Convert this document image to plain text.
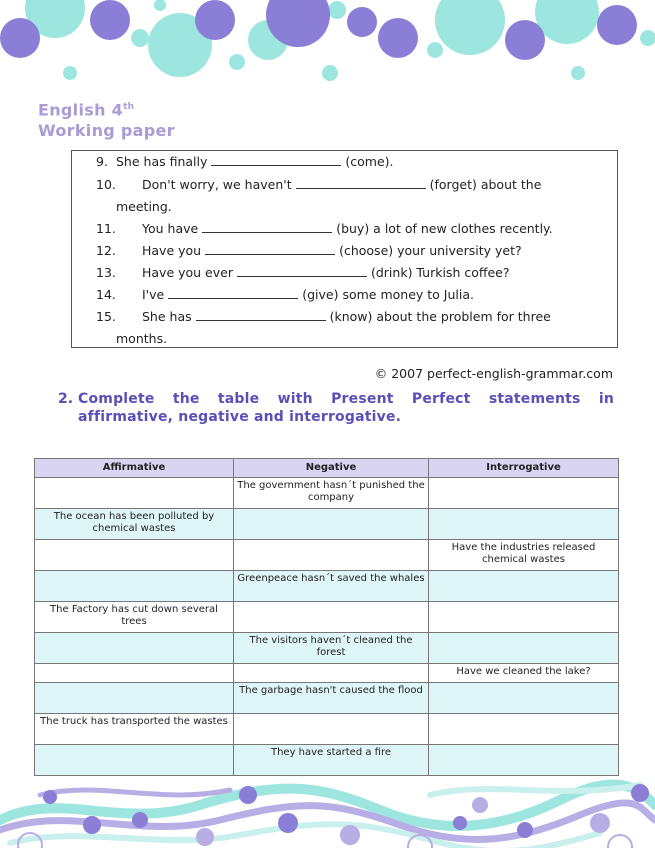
English 4th
Working paper
9. She has finally	(come).
10. Don't worry, we haven't	(forget) about the
meeting.
11. You have	(buy) a lot of new clothes recently.
12. Have you	(choose) your university yet?
13. Have you ever	(drink) Turkish coffee?
14. I've	(give) some money to Julia.
15. She has	(know) about the problem for three
months.
© 2007 perfect-english-grammar.com
2. Complete the table with Present Perfect statements in affirmative, negative and interrogative.
Affirmative	Negative	Interrogative
	The government hasn´t punished the company	
The ocean has been polluted by chemical wastes		
		Have the industries released chemical wastes
	Greenpeace hasn´t saved the whales	
The Factory has cut down several trees		
	The visitors haven´t cleaned the forest	
		Have we cleaned the lake?
	The garbage hasn't caused the flood	
The truck has transported the wastes		
	They have started a fire	
